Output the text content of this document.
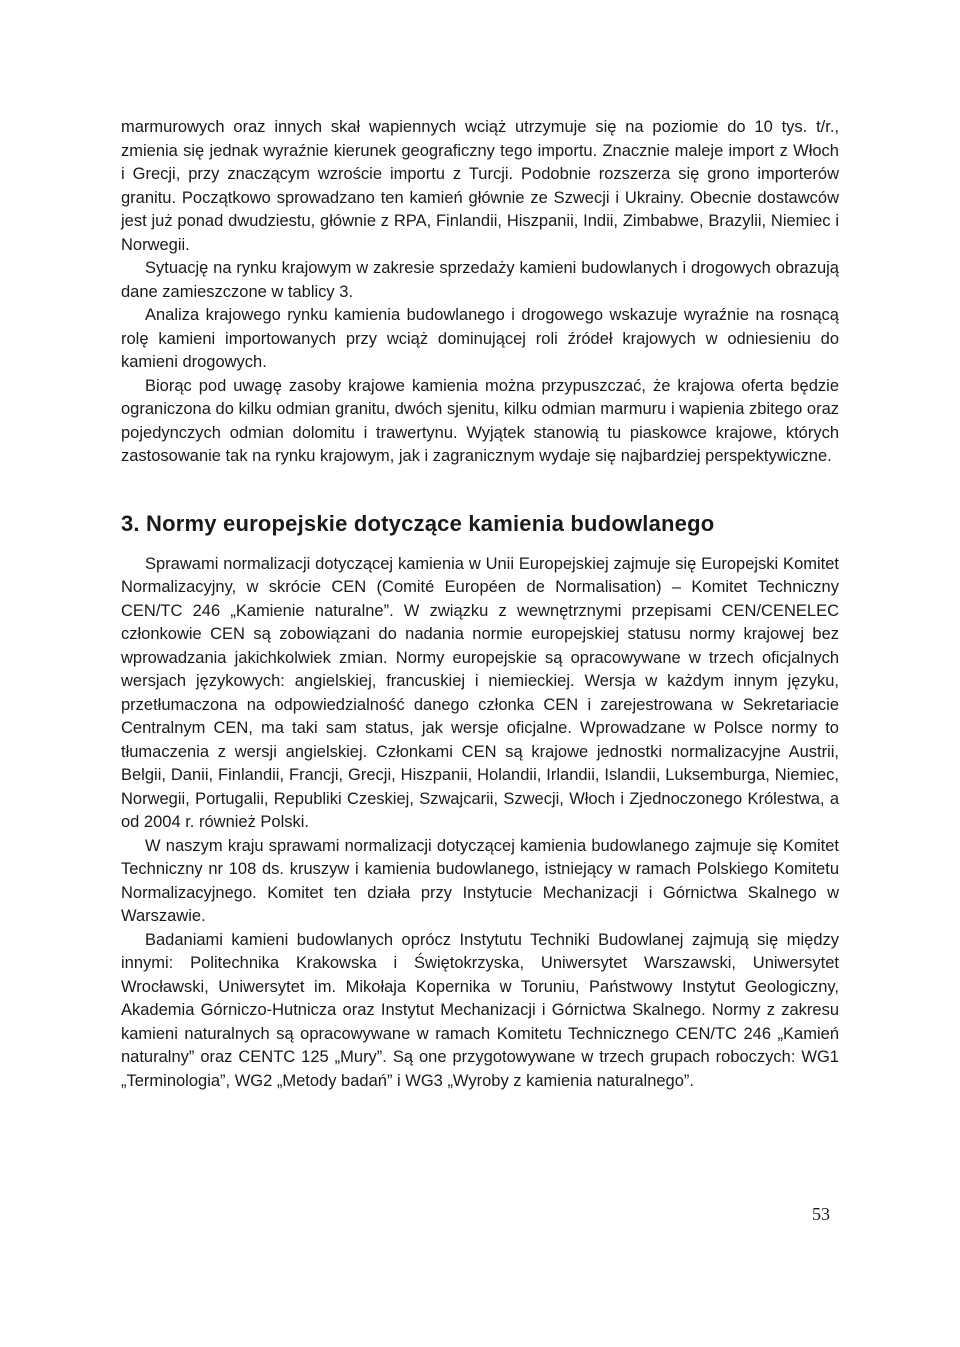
marmurowych oraz innych skał wapiennych wciąż utrzymuje się na poziomie do 10 tys. t/r., zmienia się jednak wyraźnie kierunek geograficzny tego importu. Znacznie maleje import z Włoch i Grecji, przy znaczącym wzroście importu z Turcji. Podobnie rozszerza się grono importerów granitu. Początkowo sprowadzano ten kamień głównie ze Szwecji i Ukrainy. Obecnie dostawców jest już ponad dwudziestu, głównie z RPA, Finlandii, Hiszpanii, Indii, Zimbabwe, Brazylii, Niemiec i Norwegii.

Sytuację na rynku krajowym w zakresie sprzedaży kamieni budowlanych i drogowych obrazują dane zamieszczone w tablicy 3.

Analiza krajowego rynku kamienia budowlanego i drogowego wskazuje wyraźnie na rosnącą rolę kamieni importowanych przy wciąż dominującej roli źródeł krajowych w odniesieniu do kamieni drogowych.

Biorąc pod uwagę zasoby krajowe kamienia można przypuszczać, że krajowa oferta będzie ograniczona do kilku odmian granitu, dwóch sjenitu, kilku odmian marmuru i wapienia zbitego oraz pojedynczych odmian dolomitu i trawertynu. Wyjątek stanowią tu piaskowce krajowe, których zastosowanie tak na rynku krajowym, jak i zagranicznym wydaje się najbardziej perspektywiczne.

3. Normy europejskie dotyczące kamienia budowlanego

Sprawami normalizacji dotyczącej kamienia w Unii Europejskiej zajmuje się Europejski Komitet Normalizacyjny, w skrócie CEN (Comité Européen de Normalisation) – Komitet Techniczny CEN/TC 246 „Kamienie naturalne”. W związku z wewnętrznymi przepisami CEN/CENELEC członkowie CEN są zobowiązani do nadania normie europejskiej statusu normy krajowej bez wprowadzania jakichkolwiek zmian. Normy europejskie są opracowywane w trzech oficjalnych wersjach językowych: angielskiej, francuskiej i niemieckiej. Wersja w każdym innym języku, przetłumaczona na odpowiedzialność danego członka CEN i zarejestrowana w Sekretariacie Centralnym CEN, ma taki sam status, jak wersje oficjalne. Wprowadzane w Polsce normy to tłumaczenia z wersji angielskiej. Członkami CEN są krajowe jednostki normalizacyjne Austrii, Belgii, Danii, Finlandii, Francji, Grecji, Hiszpanii, Holandii, Irlandii, Islandii, Luksemburga, Niemiec, Norwegii, Portugalii, Republiki Czeskiej, Szwajcarii, Szwecji, Włoch i Zjednoczonego Królestwa, a od 2004 r. również Polski.

W naszym kraju sprawami normalizacji dotyczącej kamienia budowlanego zajmuje się Komitet Techniczny nr 108 ds. kruszyw i kamienia budowlanego, istniejący w ramach Polskiego Komitetu Normalizacyjnego. Komitet ten działa przy Instytucie Mechanizacji i Górnictwa Skalnego w Warszawie.

Badaniami kamieni budowlanych oprócz Instytutu Techniki Budowlanej zajmują się między innymi: Politechnika Krakowska i Świętokrzyska, Uniwersytet Warszawski, Uniwersytet Wrocławski, Uniwersytet im. Mikołaja Kopernika w Toruniu, Państwowy Instytut Geologiczny, Akademia Górniczo-Hutnicza oraz Instytut Mechanizacji i Górnictwa Skalnego. Normy z zakresu kamieni naturalnych są opracowywane w ramach Komitetu Technicznego CEN/TC 246 „Kamień naturalny” oraz CENTC 125 „Mury”. Są one przygotowywane w trzech grupach roboczych: WG1 „Terminologia”, WG2 „Metody badań” i WG3 „Wyroby z kamienia naturalnego”.

53
